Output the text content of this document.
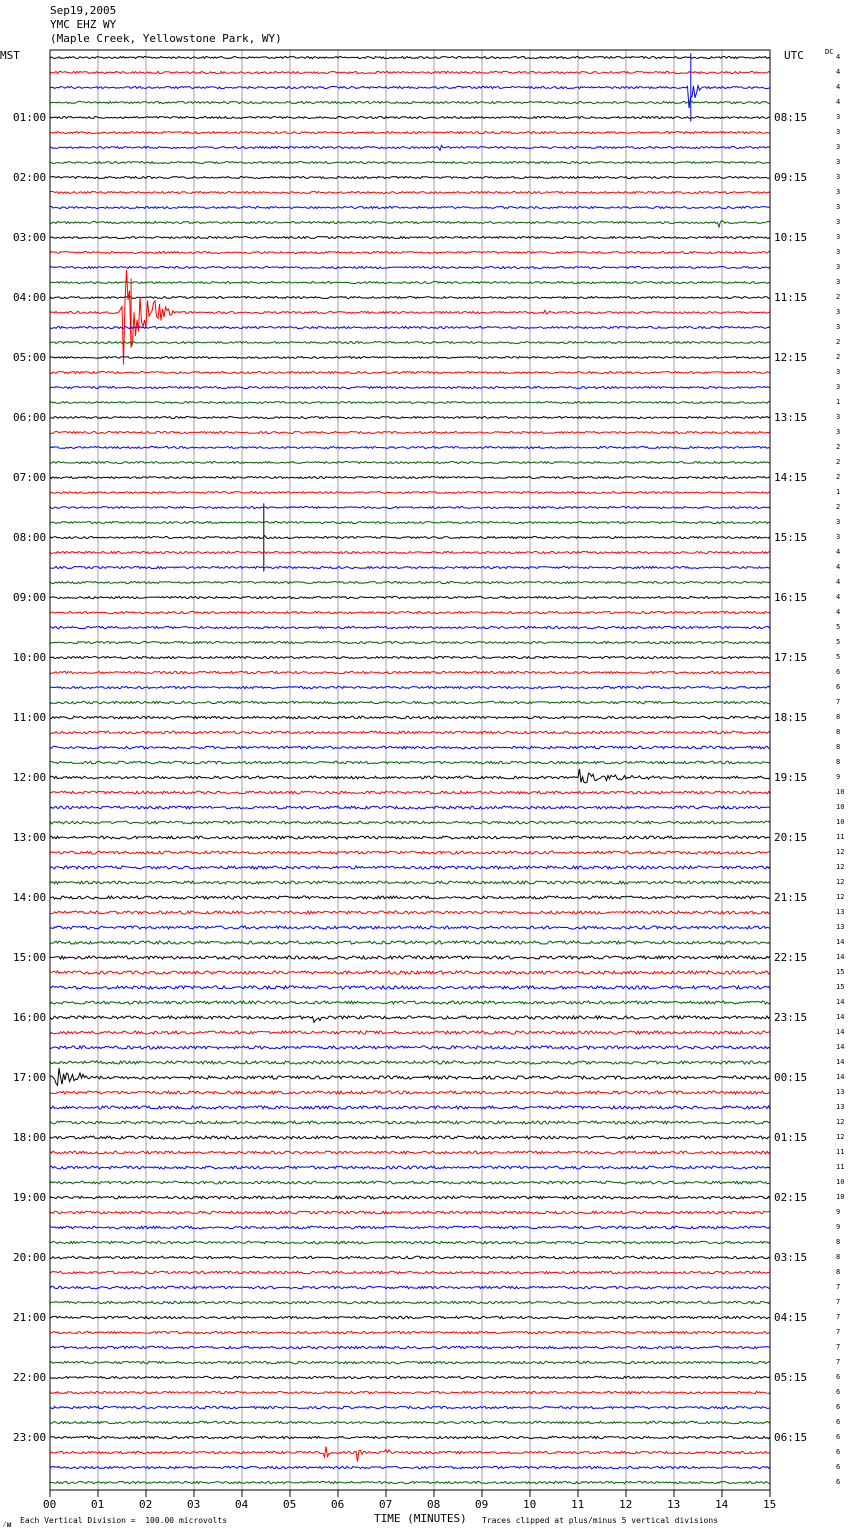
Sep19,2005
YMC EHZ WY
(Maple Creek, Yellowstone Park, WY)
MST	UTC	DC
00	01	02	03	04	05	06	07	08	09	10	11	12	13	14	15
01:00
02:00
03:00
04:00
05:00
06:00
07:00
08:00
09:00
10:00
11:00
12:00
13:00
14:00
15:00
16:00
17:00
18:00
19:00
20:00
21:00
22:00
23:00
08:15
09:15
10:15
11:15
12:15
13:15
14:15
15:15
16:15
17:15
18:15
19:15
20:15
21:15
22:15
23:15
00:15
01:15
02:15
03:15
04:15
05:15
06:15
4
4
4
4
3
3
3
3
3
3
3
3
3
3
3
3
2
3
3
2
2
3
3
1
3
3
2
2
2
1
2
3
3
4
4
4
4
4
5
5
5
6
6
7
8
8
8
8
9
10
10
10
11
12
12
12
12
13
13
14
14
15
15
14
14
14
14
14
14
13
13
12
12
11
11
10
10
9
9
8
8
8
7
7
7
7
7
7
6
6
6
6
6
6
6
6
⁄ᴍ Each Vertical Division =  100.00 microvolts	TIME (MINUTES) Traces clipped at plus/minus 5 vertical divisions
